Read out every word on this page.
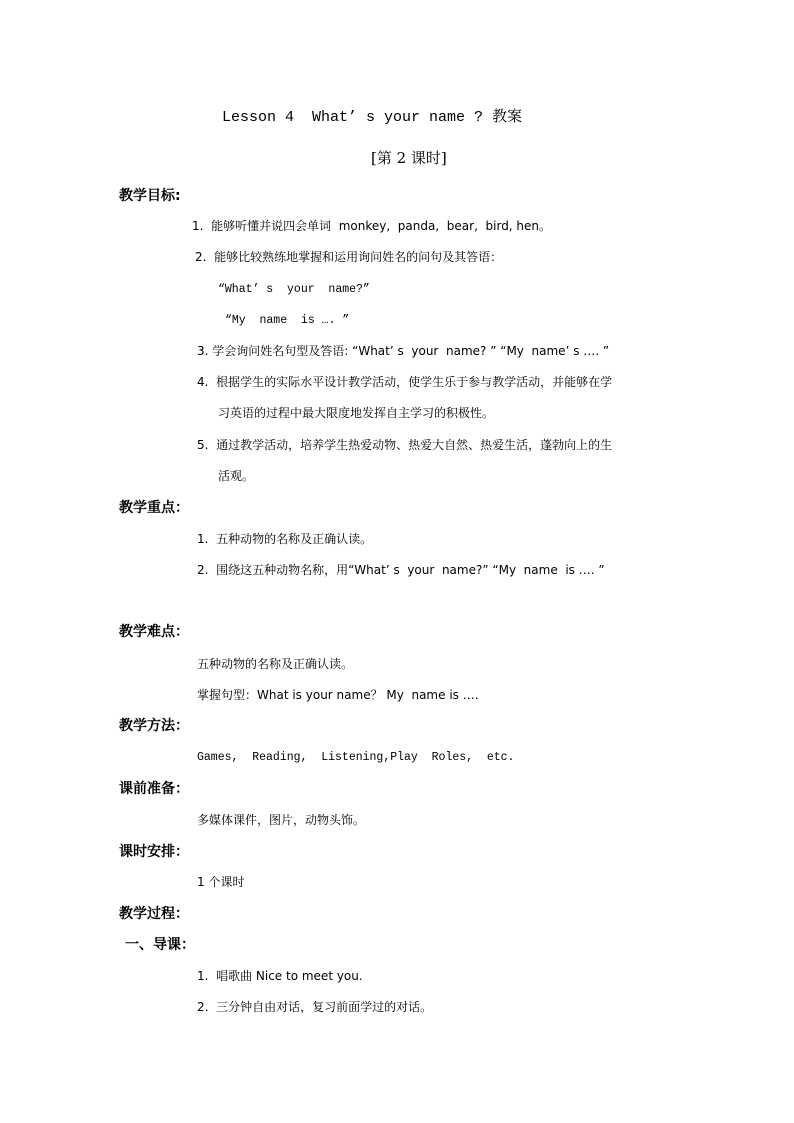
Lesson 4  What’ s your name ? 教案
[第 2 课时]
教学目标:
1.  能够听懂并说四会单词  monkey,  panda,  bear,  bird, hen。
2.  能够比较熟练地掌握和运用询问姓名的问句及其答语：
“What’ s  your  name?”
“My  name  is …. ”
3. 学会询问姓名句型及答语: “What’ s  your  name? ” “My  name’ s …. ”
4.  根据学生的实际水平设计教学活动，使学生乐于参与教学活动，并能够在学
习英语的过程中最大限度地发挥自主学习的积极性。
5.  通过教学活动，培养学生热爱动物、热爱大自然、热爱生活，蓬勃向上的生
活观。
教学重点：
1.  五种动物的名称及正确认读。
2.  围绕这五种动物名称，用“What’ s  your  name?” “My  name  is …. ”
教学难点：
五种动物的名称及正确认读。
掌握句型：What is your name？ My  name is ….
教学方法：
Games,  Reading,  Listening,Play  Roles,  etc.
课前准备：
多媒体课件，图片，动物头饰。
课时安排：
1 个课时
教学过程：
一、导课：
1.  唱歌曲 Nice to meet you.
2.  三分钟自由对话，复习前面学过的对话。
